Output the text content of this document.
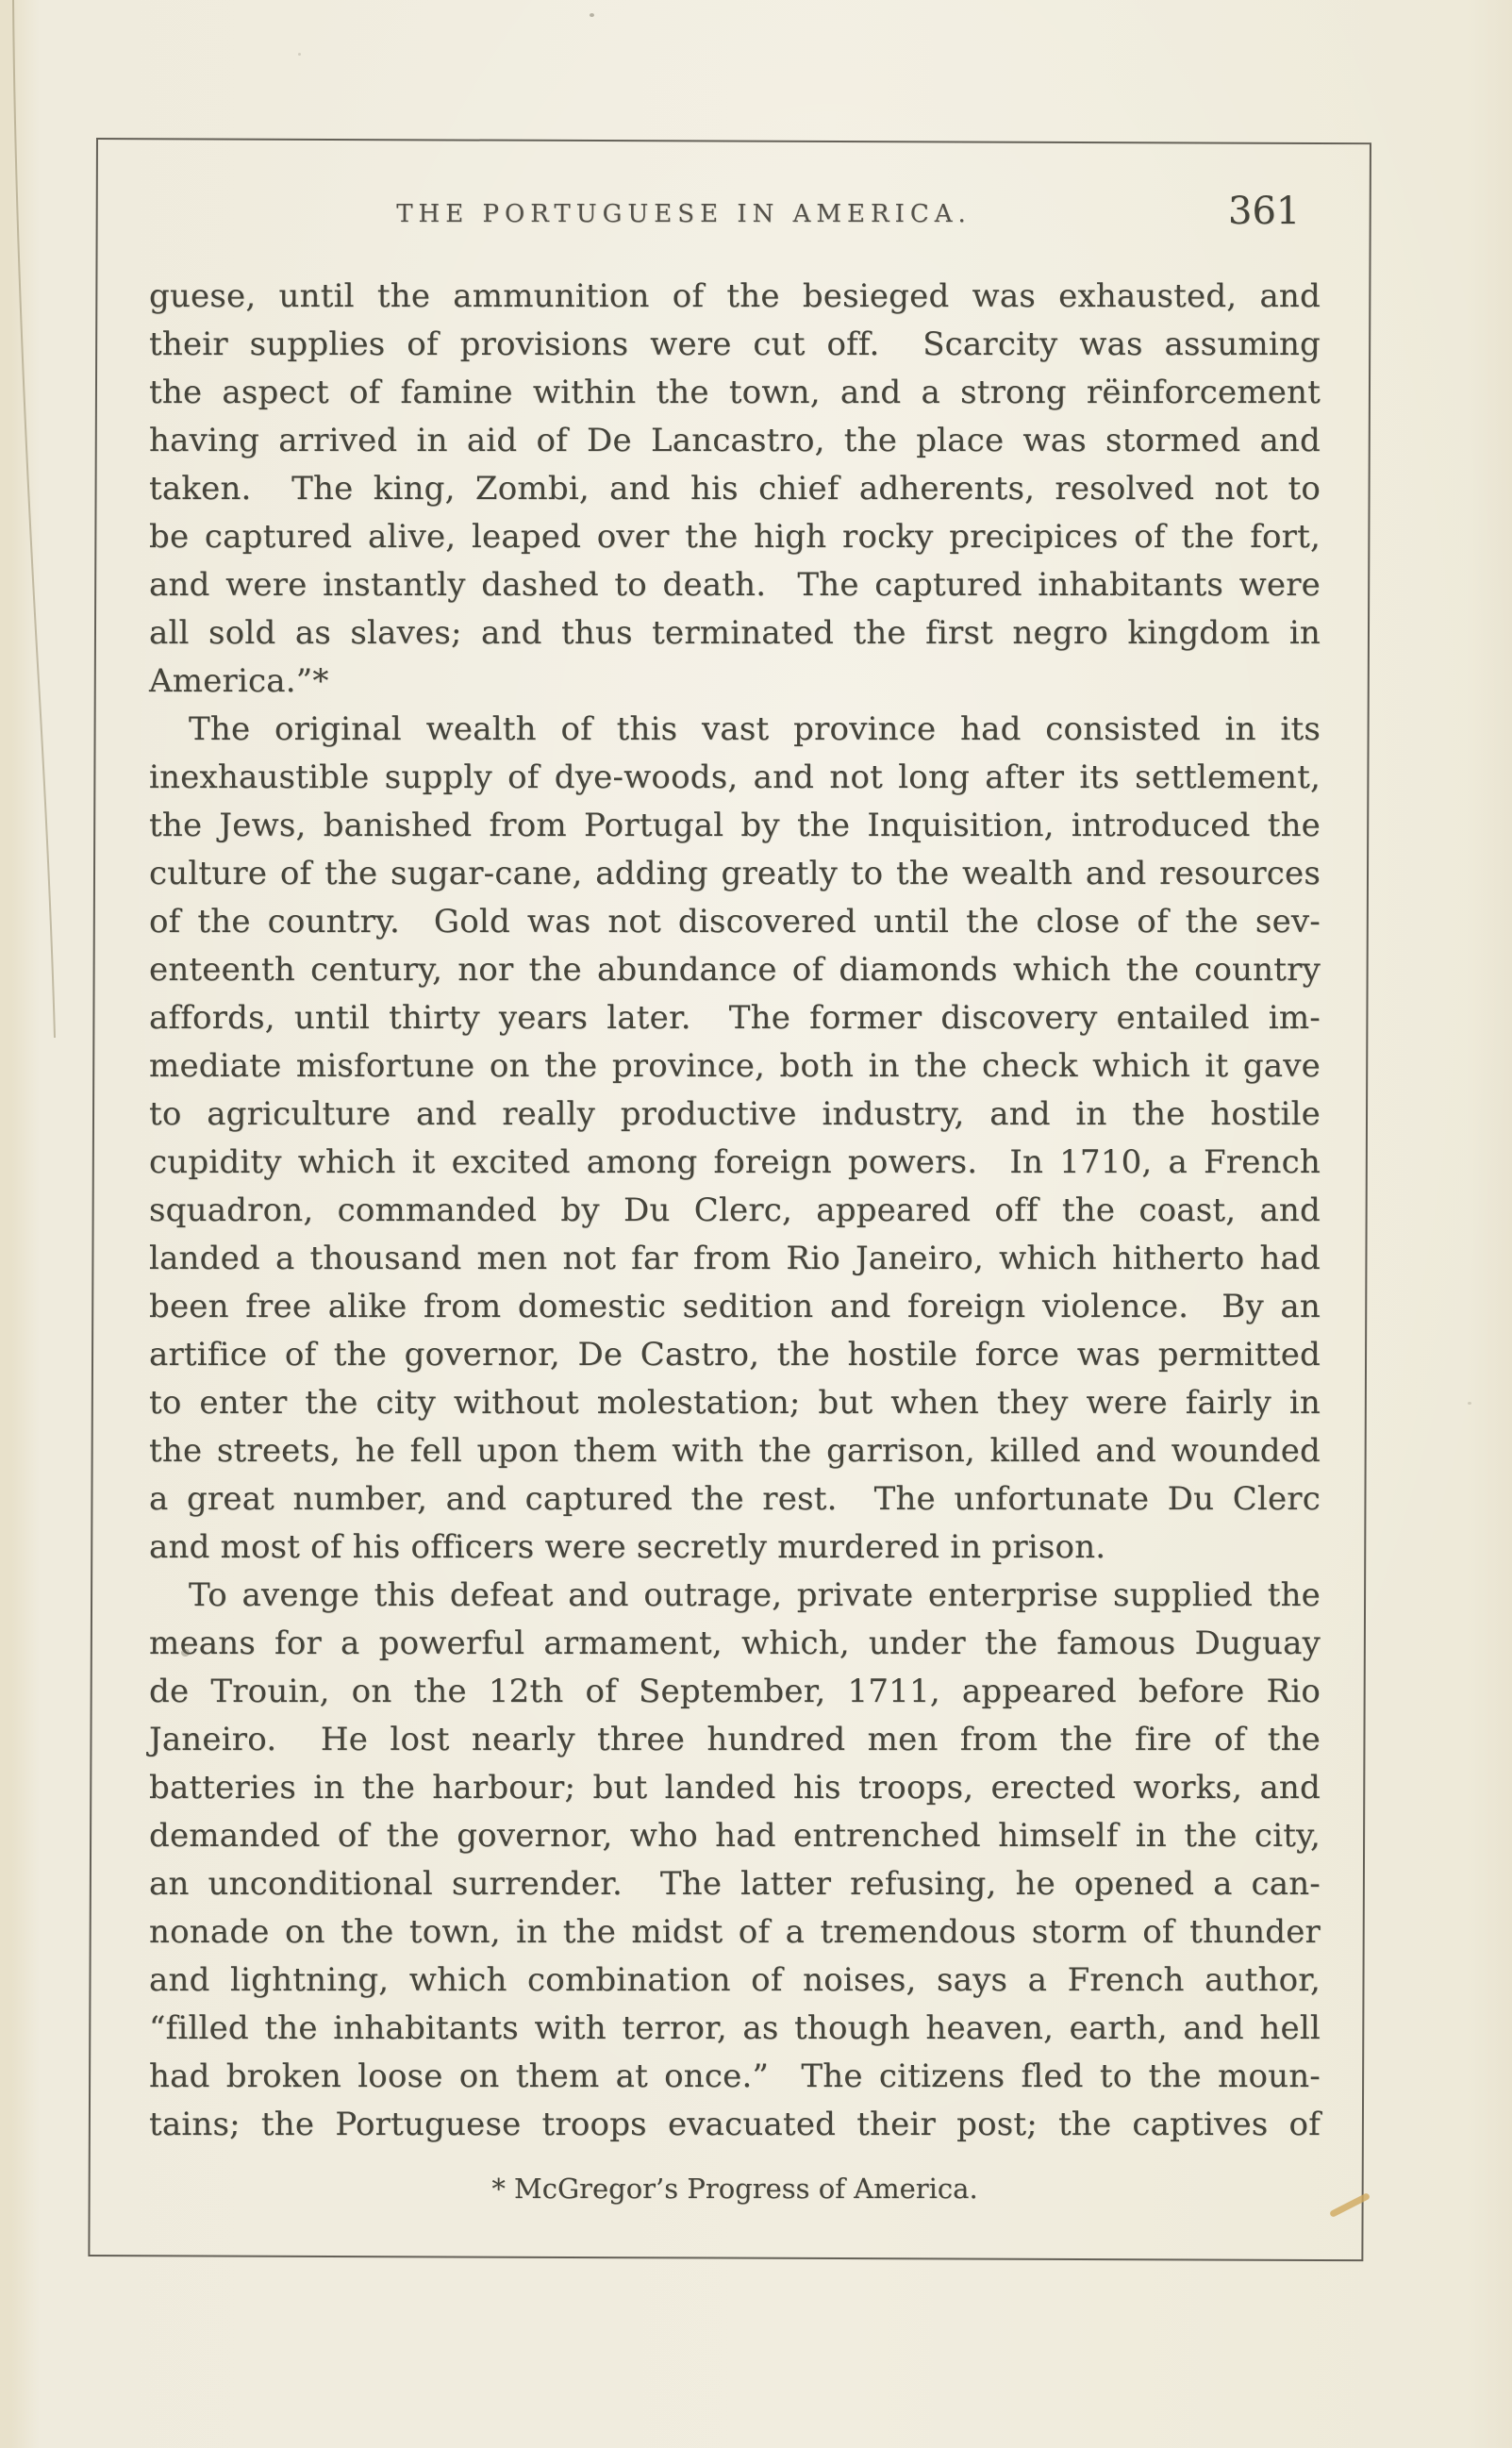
THE PORTUGUESE IN AMERICA.	361
guese, until the ammunition of the besieged was exhausted, and
their supplies of provisions were cut off.  Scarcity was assuming
the aspect of famine within the town, and a strong rëinforcement
having arrived in aid of De Lancastro, the place was stormed and
taken.  The king, Zombi, and his chief adherents, resolved not to
be captured alive, leaped over the high rocky precipices of the fort,
and were instantly dashed to death.  The captured inhabitants were
all sold as slaves; and thus terminated the first negro kingdom in
America.”*
The original wealth of this vast province had consisted in its
inexhaustible supply of dye-woods, and not long after its settlement,
the Jews, banished from Portugal by the Inquisition, introduced the
culture of the sugar-cane, adding greatly to the wealth and resources
of the country.  Gold was not discovered until the close of the sev-
enteenth century, nor the abundance of diamonds which the country
affords, until thirty years later.  The former discovery entailed im-
mediate misfortune on the province, both in the check which it gave
to agriculture and really productive industry, and in the hostile
cupidity which it excited among foreign powers.  In 1710, a French
squadron, commanded by Du Clerc, appeared off the coast, and
landed a thousand men not far from Rio Janeiro, which hitherto had
been free alike from domestic sedition and foreign violence.  By an
artifice of the governor, De Castro, the hostile force was permitted
to enter the city without molestation; but when they were fairly in
the streets, he fell upon them with the garrison, killed and wounded
a great number, and captured the rest.  The unfortunate Du Clerc
and most of his officers were secretly murdered in prison.
To avenge this defeat and outrage, private enterprise supplied the
means for a powerful armament, which, under the famous Duguay
de Trouin, on the 12th of September, 1711, appeared before Rio
Janeiro.  He lost nearly three hundred men from the fire of the
batteries in the harbour; but landed his troops, erected works, and
demanded of the governor, who had entrenched himself in the city,
an unconditional surrender.  The latter refusing, he opened a can-
nonade on the town, in the midst of a tremendous storm of thunder
and lightning, which combination of noises, says a French author,
“filled the inhabitants with terror, as though heaven, earth, and hell
had broken loose on them at once.”  The citizens fled to the moun-
tains; the Portuguese troops evacuated their post; the captives of
* McGregor’s Progress of America.
